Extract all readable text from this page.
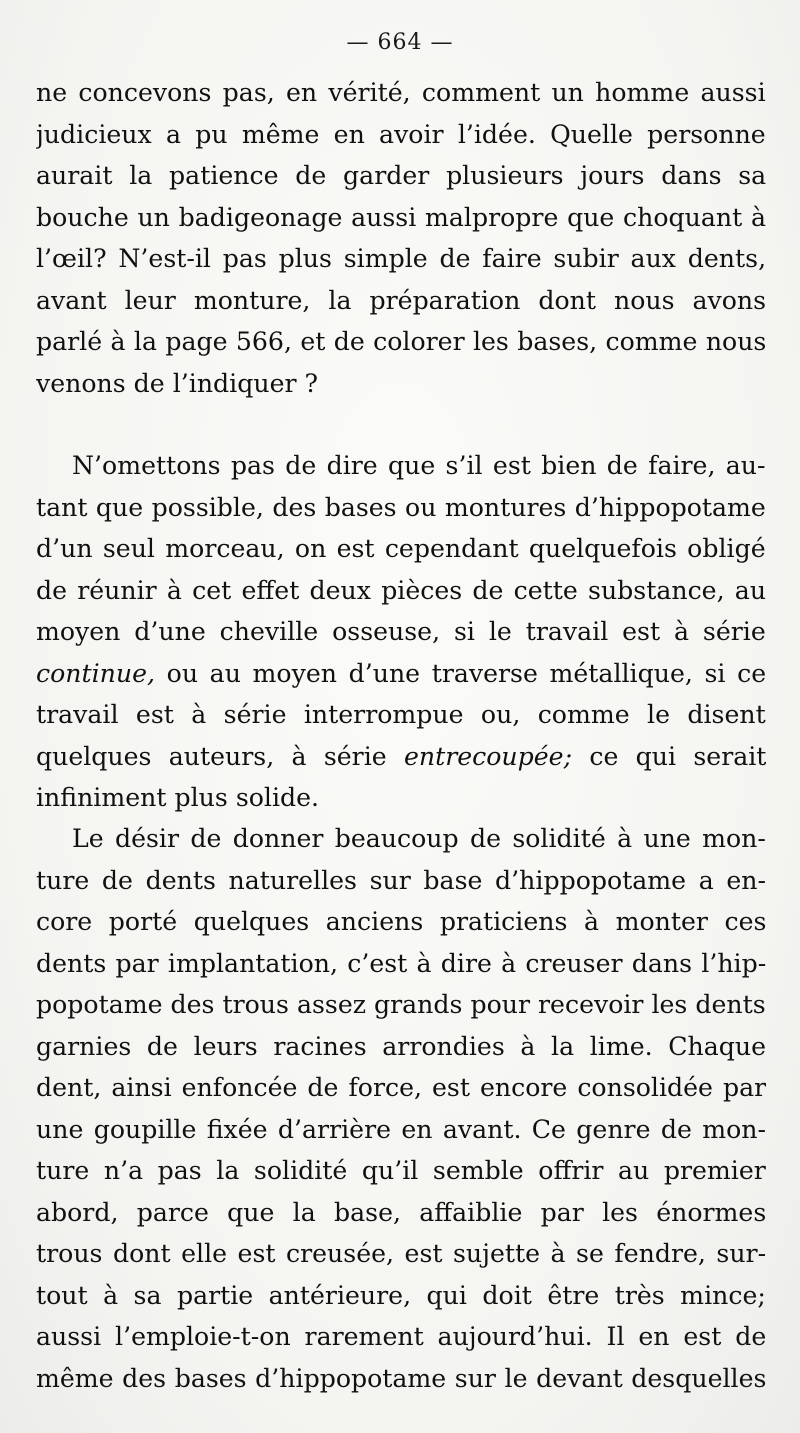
— 664 —
ne concevons pas, en vérité, comment un homme aussi
judicieux a pu même en avoir l’idée. Quelle personne
aurait la patience de garder plusieurs jours dans sa
bouche un badigeonage aussi malpropre que choquant à
l’œil? N’est-il pas plus simple de faire subir aux dents,
avant leur monture, la préparation dont nous avons
parlé à la page 566, et de colorer les bases, comme nous
venons de l’indiquer ?
N’omettons pas de dire que s’il est bien de faire, au-
tant que possible, des bases ou montures d’hippopotame
d’un seul morceau, on est cependant quelquefois obligé
de réunir à cet effet deux pièces de cette substance, au
moyen d’une cheville osseuse, si le travail est à série
continue, ou au moyen d’une traverse métallique, si ce
travail est à série interrompue ou, comme le disent
quelques auteurs, à série entrecoupée; ce qui serait
infiniment plus solide.
Le désir de donner beaucoup de solidité à une mon-
ture de dents naturelles sur base d’hippopotame a en-
core porté quelques anciens praticiens à monter ces
dents par implantation, c’est à dire à creuser dans l’hip-
popotame des trous assez grands pour recevoir les dents
garnies de leurs racines arrondies à la lime. Chaque
dent, ainsi enfoncée de force, est encore consolidée par
une goupille fixée d’arrière en avant. Ce genre de mon-
ture n’a pas la solidité qu’il semble offrir au premier
abord, parce que la base, affaiblie par les énormes
trous dont elle est creusée, est sujette à se fendre, sur-
tout à sa partie antérieure, qui doit être très mince;
aussi l’emploie-t-on rarement aujourd’hui. Il en est de
même des bases d’hippopotame sur le devant desquelles
